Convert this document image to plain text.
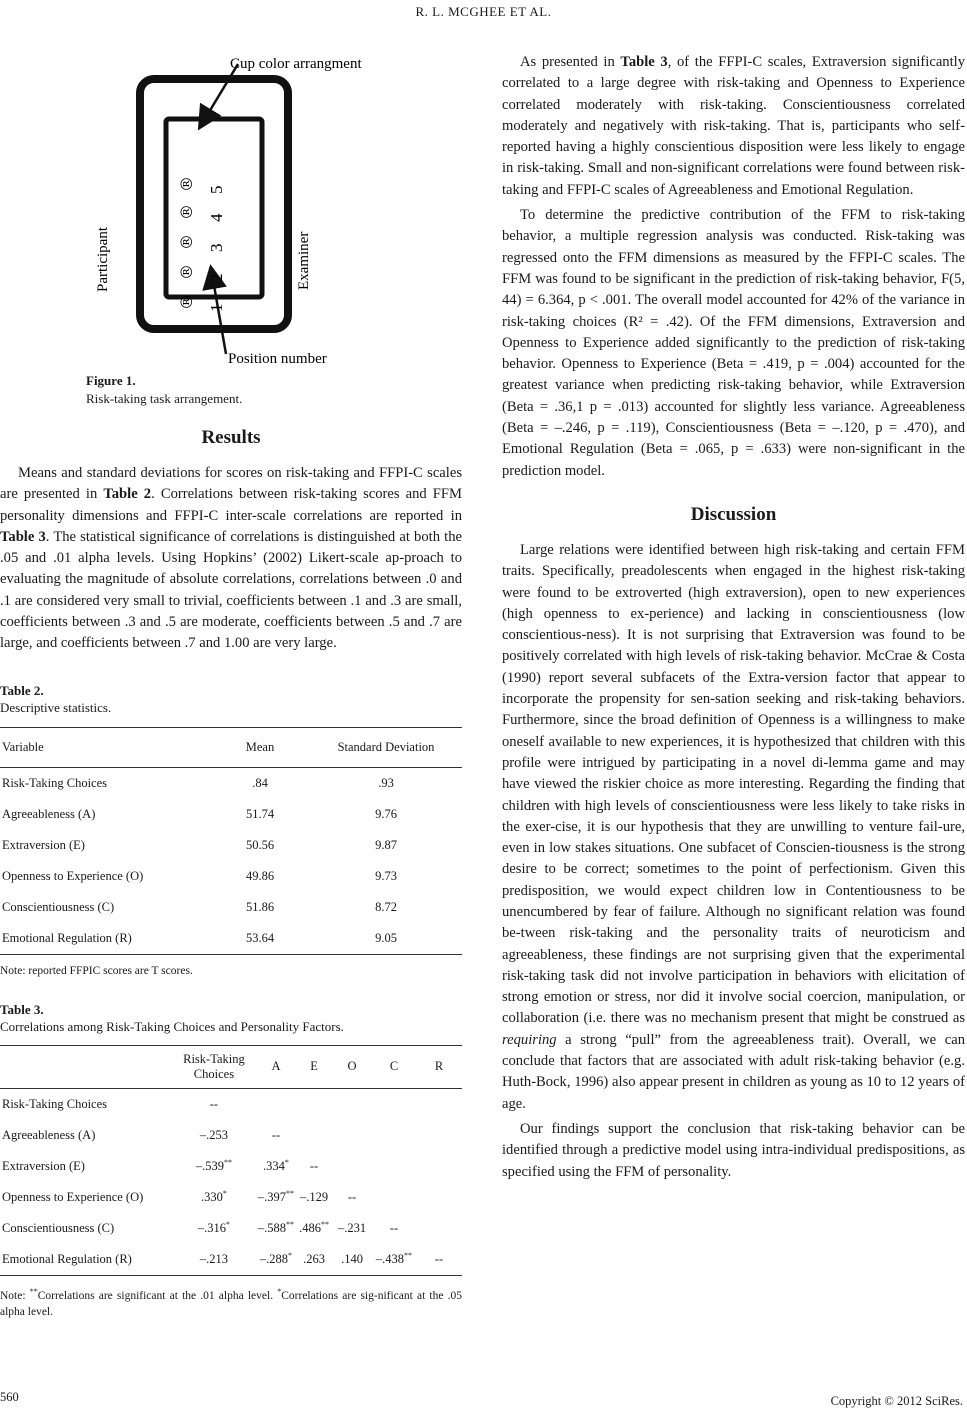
R. L. MCGHEE ET AL.
Cup color arrangment
Position number
Participant	Examiner
®
®
®
®
®
1
2
3
4
5
Figure 1.
Risk-taking task arrangement.
Results

Means and standard deviations for scores on risk-taking and FFPI-C scales are presented in Table 2. Correlations between risk-taking scores and FFM personality dimensions and FFPI-C inter-scale correlations are reported in Table 3. The statistical significance of correlations is distinguished at both the .05 and .01 alpha levels. Using Hopkins’ (2002) Likert-scale ap-proach to evaluating the magnitude of absolute correlations, correlations between .0 and .1 are considered very small to trivial, coefficients between .1 and .3 are small, coefficients between .3 and .5 are moderate, coefficients between .5 and .7 are large, and coefficients between .7 and 1.00 are very large.

Table 2.
Descriptive statistics.
Variable	Mean	Standard Deviation
Risk-Taking Choices	.84	.93
Agreeableness (A)	51.74	9.76
Extraversion (E)	50.56	9.87
Openness to Experience (O)	49.86	9.73
Conscientiousness (C)	51.86	8.72
Emotional Regulation (R)	53.64	9.05
Note: reported FFPIC scores are T scores.
Table 3.
Correlations among Risk-Taking Choices and Personality Factors.
	Risk-Taking Choices	A	E	O	C	R
Risk-Taking Choices	--					
Agreeableness (A)	–.253	--				
Extraversion (E)	–.539**	.334*	--			
Openness to Experience (O)	.330*	–.397**	–.129	--		
Conscientiousness (C)	–.316*	–.588**	.486**	–.231	--	
Emotional Regulation (R)	–.213	–.288*	.263	.140	–.438**	--
Note: **Correlations are significant at the .01 alpha level. *Correlations are sig-nificant at the .05 alpha level.

As presented in Table 3, of the FFPI-C scales, Extraversion significantly correlated to a large degree with risk-taking and Openness to Experience correlated moderately with risk-taking. Conscientiousness correlated moderately and negatively with risk-taking. That is, participants who self-reported having a highly conscientious disposition were less likely to engage in risk-taking. Small and non-significant correlations were found between risk-taking and FFPI-C scales of Agreeableness and Emotional Regulation.

To determine the predictive contribution of the FFM to risk-taking behavior, a multiple regression analysis was conducted. Risk-taking was regressed onto the FFM dimensions as measured by the FFPI-C scales. The FFM was found to be significant in the prediction of risk-taking behavior, F(5, 44) = 6.364, p < .001. The overall model accounted for 42% of the variance in risk-taking choices (R² = .42). Of the FFM dimensions, Extraversion and Openness to Experience added significantly to the prediction of risk-taking behavior. Openness to Experience (Beta = .419, p = .004) accounted for the greatest variance when predicting risk-taking behavior, while Extraversion (Beta = .36,1 p = .013) accounted for slightly less variance. Agreeableness (Beta = –.246, p = .119), Conscientiousness (Beta = –.120, p = .470), and Emotional Regulation (Beta = .065, p = .633) were non-significant in the prediction model.

Discussion

Large relations were identified between high risk-taking and certain FFM traits. Specifically, preadolescents when engaged in the highest risk-taking were found to be extroverted (high extraversion), open to new experiences (high openness to ex-perience) and lacking in conscientiousness (low conscientious-ness). It is not surprising that Extraversion was found to be positively correlated with high levels of risk-taking behavior. McCrae & Costa (1990) report several subfacets of the Extra-version factor that appear to incorporate the propensity for sen-sation seeking and risk-taking behaviors. Furthermore, since the broad definition of Openness is a willingness to make oneself available to new experiences, it is hypothesized that children with this profile were intrigued by participating in a novel di-lemma game and may have viewed the riskier choice as more interesting. Regarding the finding that children with high levels of conscientiousness were less likely to take risks in the exer-cise, it is our hypothesis that they are unwilling to venture fail-ure, even in low stakes situations. One subfacet of Conscien-tiousness is the strong desire to be correct; sometimes to the point of perfectionism. Given this predisposition, we would expect children low in Contentiousness to be unencumbered by fear of failure. Although no significant relation was found be-tween risk-taking and the personality traits of neuroticism and agreeableness, these findings are not surprising given that the experimental risk-taking task did not involve participation in behaviors with elicitation of strong emotion or stress, nor did it involve social coercion, manipulation, or collaboration (i.e. there was no mechanism present that might be construed as requiring a strong “pull” from the agreeableness trait). Overall, we can conclude that factors that are associated with adult risk-taking behavior (e.g. Huth-Bock, 1996) also appear present in children as young as 10 to 12 years of age.

Our findings support the conclusion that risk-taking behavior can be identified through a predictive model using intra-individual predispositions, as specified using the FFM of personality.

560	Copyright © 2012 SciRes.
